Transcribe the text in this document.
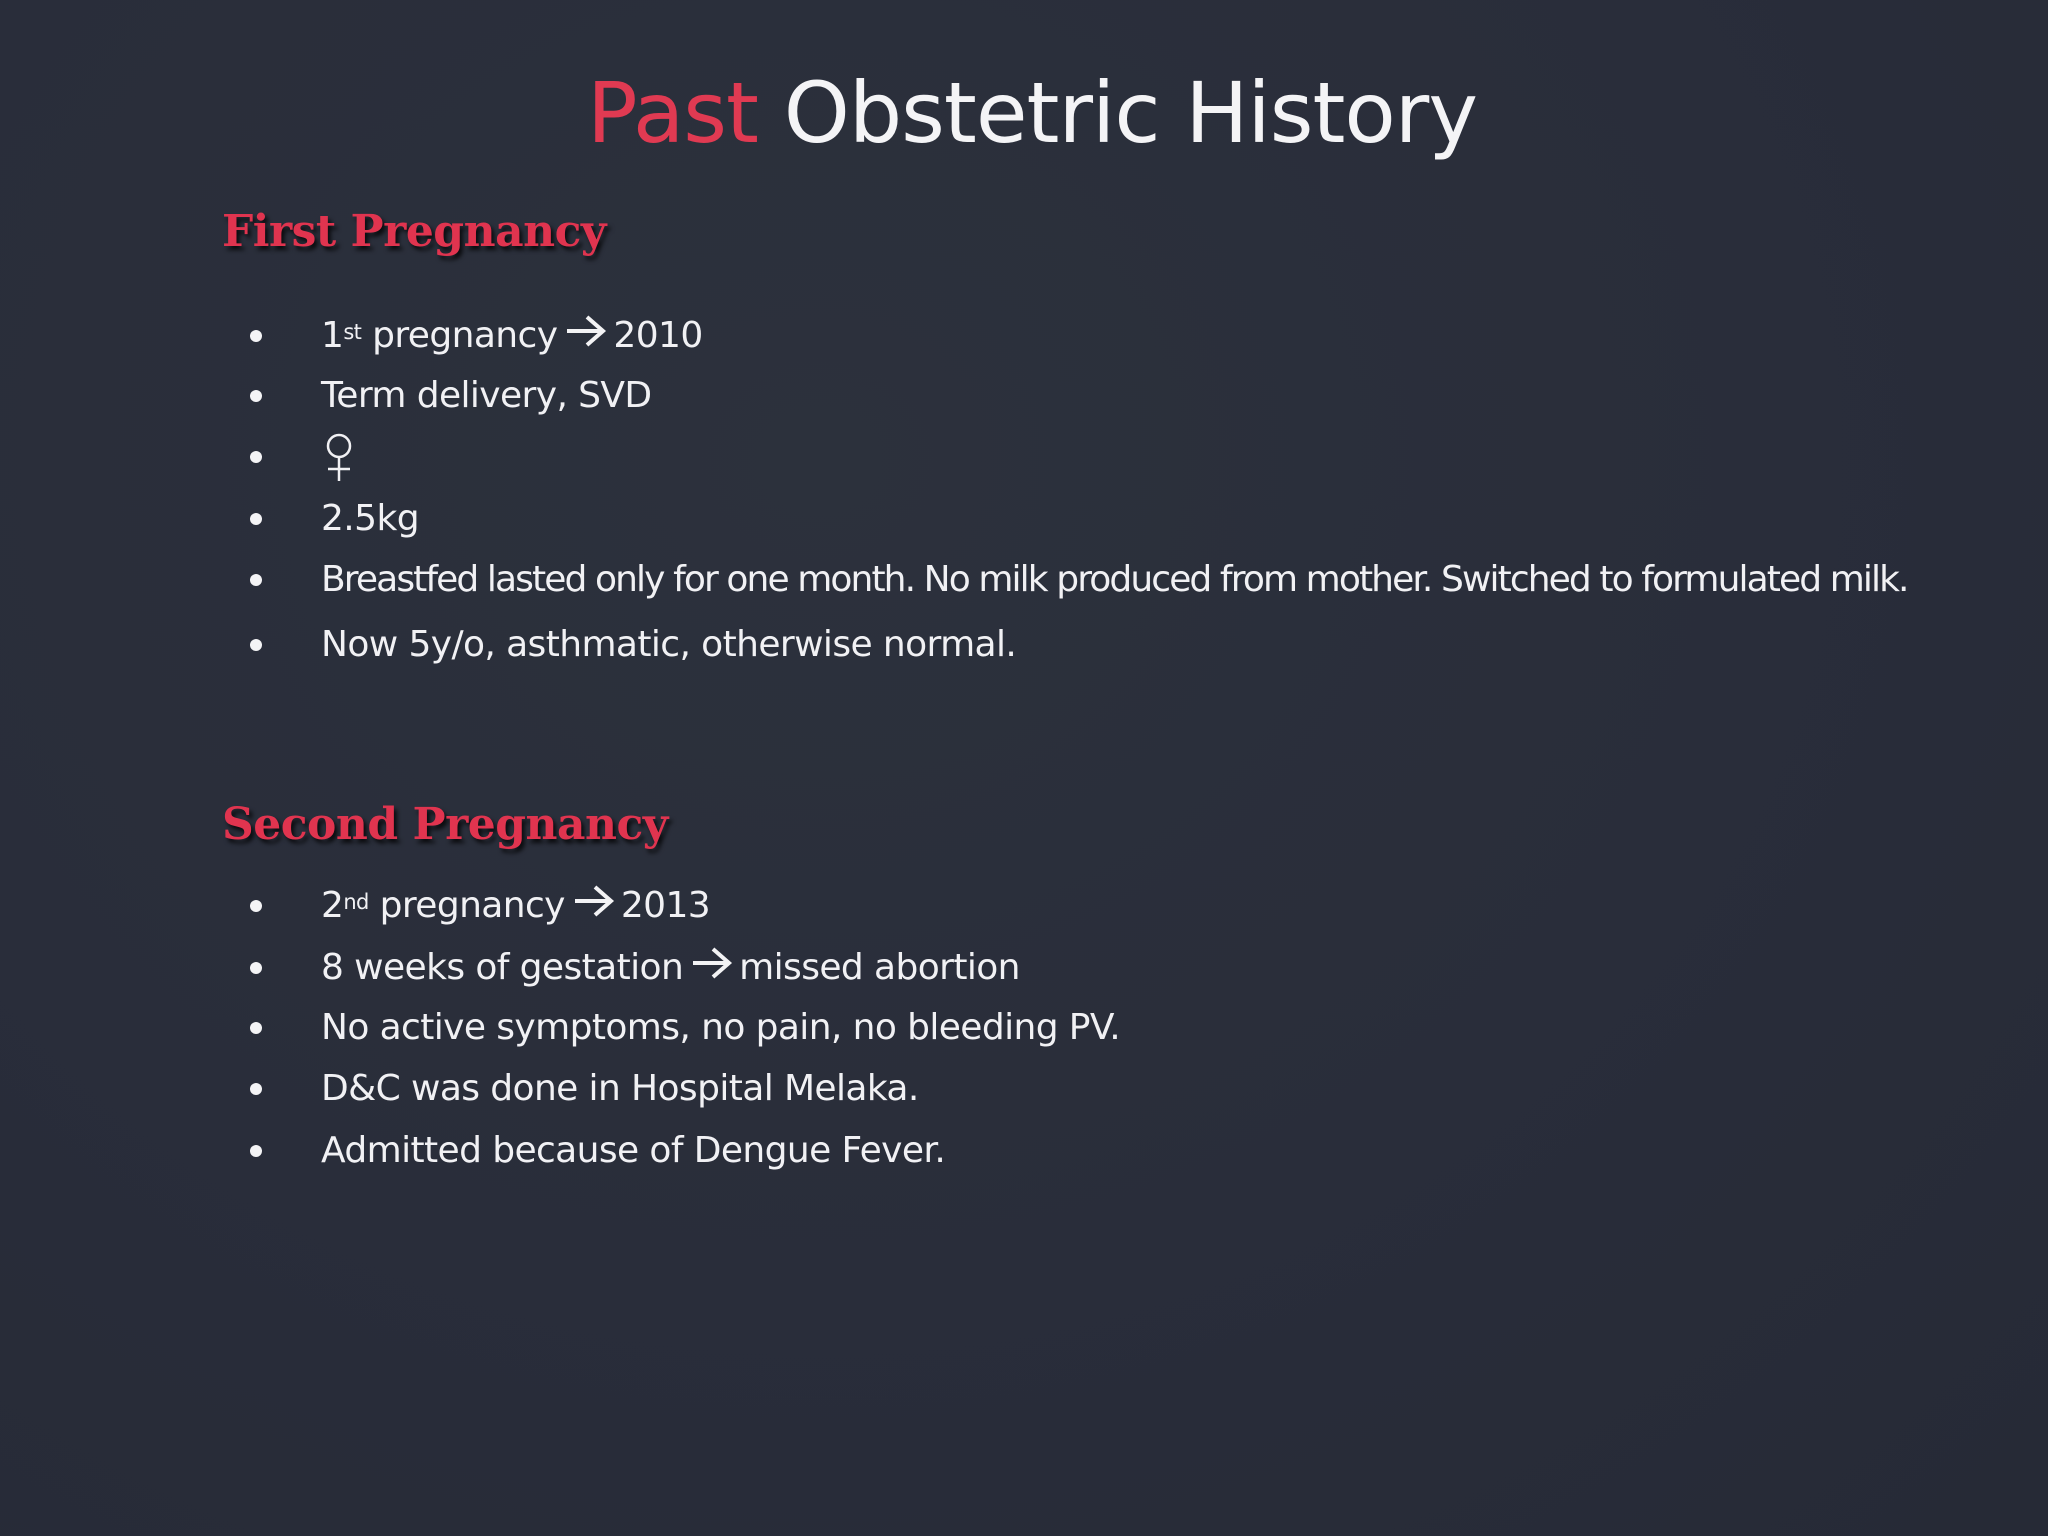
Past Obstetric History
First Pregnancy
1st pregnancy 2010
Term delivery, SVD
2.5kg
Breastfed lasted only for one month. No milk produced from mother. Switched to formulated milk.
Now 5y/o, asthmatic, otherwise normal.
Second Pregnancy
2nd pregnancy 2013
8 weeks of gestation missed abortion
No active symptoms, no pain, no bleeding PV.
D&C was done in Hospital Melaka.
Admitted because of Dengue Fever.
